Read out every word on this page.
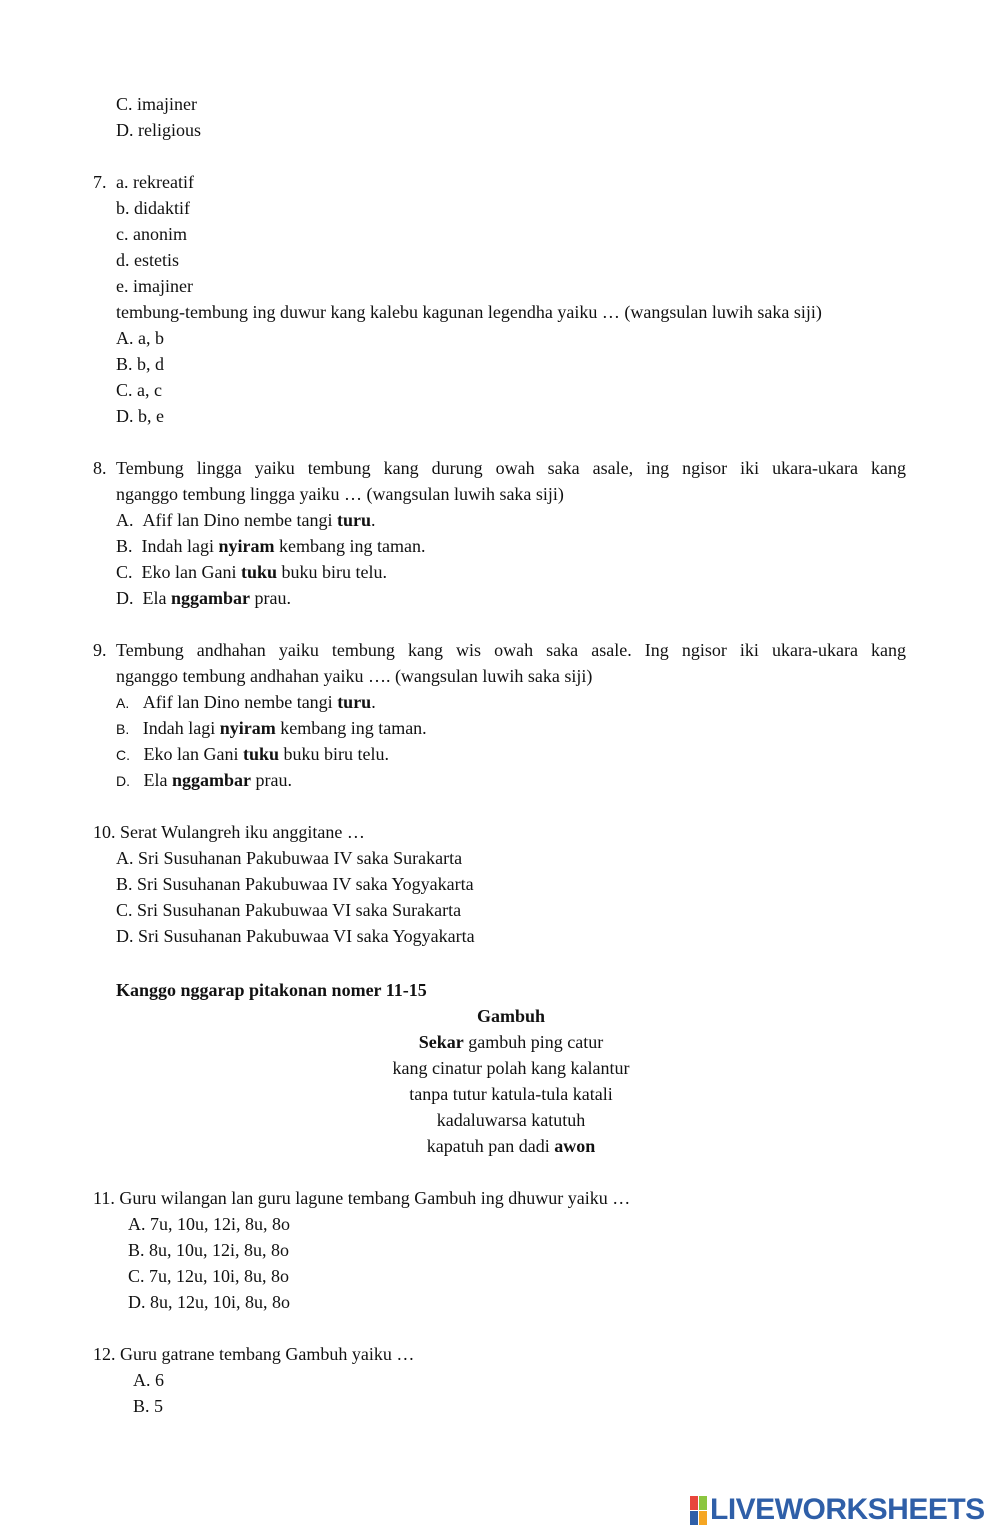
C. imajiner
D. religious
7. a. rekreatif
b. didaktif
c. anonim
d. estetis
e. imajiner
tembung-tembung ing duwur kang kalebu kagunan legendha yaiku … (wangsulan luwih saka siji)
A. a, b
B. b, d
C. a, c
D. b, e
8. Tembung lingga yaiku tembung kang durung owah saka asale, ing ngisor iki ukara-ukara kang
nganggo tembung lingga yaiku … (wangsulan luwih saka siji)
A. Afif lan Dino nembe tangi turu.
B. Indah lagi nyiram kembang ing taman.
C. Eko lan Gani tuku buku biru telu.
D. Ela nggambar prau.
9. Tembung andhahan yaiku tembung kang wis owah saka asale. Ing ngisor iki ukara-ukara kang
nganggo tembung andhahan yaiku …. (wangsulan luwih saka siji)
A. Afif lan Dino nembe tangi turu.
B. Indah lagi nyiram kembang ing taman.
C. Eko lan Gani tuku buku biru telu.
D. Ela nggambar prau.
10. Serat Wulangreh iku anggitane …
A. Sri Susuhanan Pakubuwaa IV saka Surakarta
B. Sri Susuhanan Pakubuwaa IV saka Yogyakarta
C. Sri Susuhanan Pakubuwaa VI saka Surakarta
D. Sri Susuhanan Pakubuwaa VI saka Yogyakarta
Kanggo nggarap pitakonan nomer 11-15
Gambuh
Sekar gambuh ping catur
kang cinatur polah kang kalantur
tanpa tutur katula-tula katali
kadaluwarsa katutuh
kapatuh pan dadi awon
11. Guru wilangan lan guru lagune tembang Gambuh ing dhuwur yaiku …
A. 7u, 10u, 12i, 8u, 8o
B. 8u, 10u, 12i, 8u, 8o
C. 7u, 12u, 10i, 8u, 8o
D. 8u, 12u, 10i, 8u, 8o
12. Guru gatrane tembang Gambuh yaiku …
A. 6
B. 5
LIVEWORKSHEETS
